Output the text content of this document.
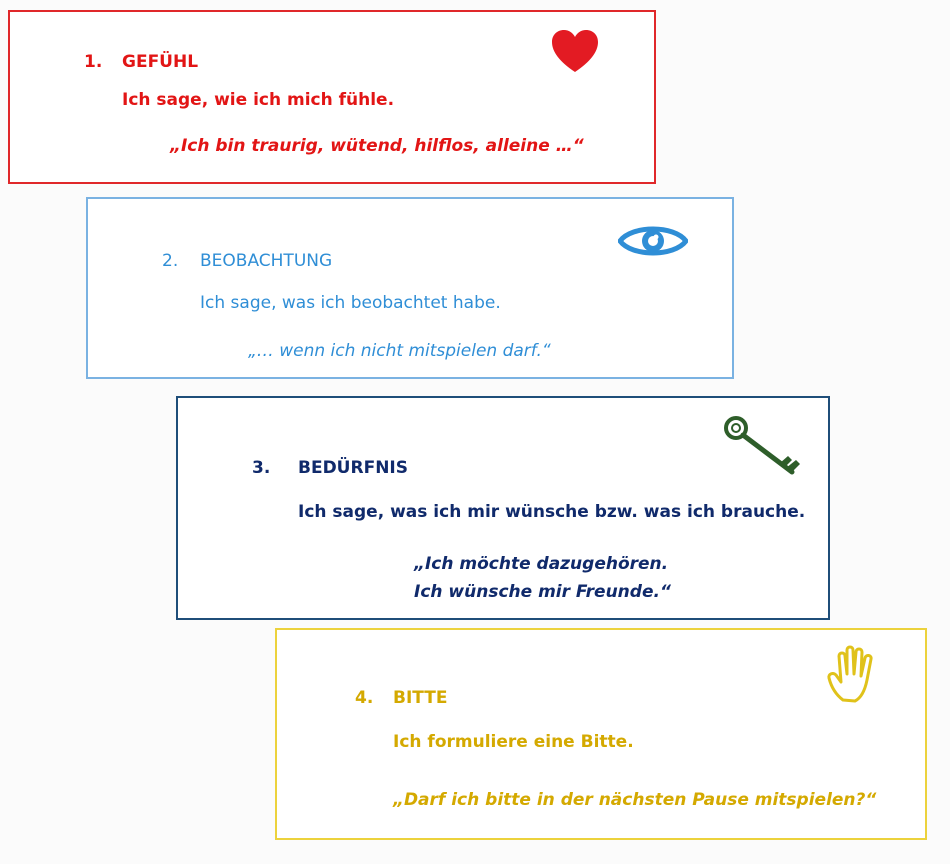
1. GEFÜHL
Ich sage, wie ich mich fühle.
„Ich bin traurig, wütend, hilflos, alleine …“
2. BEOBACHTUNG
Ich sage, was ich beobachtet habe.
„… wenn ich nicht mitspielen darf.“
3. BEDÜRFNIS
Ich sage, was ich mir wünsche bzw. was ich brauche.
„Ich möchte dazugehören.
Ich wünsche mir Freunde.“
4. BITTE
Ich formuliere eine Bitte.
„Darf ich bitte in der nächsten Pause mitspielen?“
